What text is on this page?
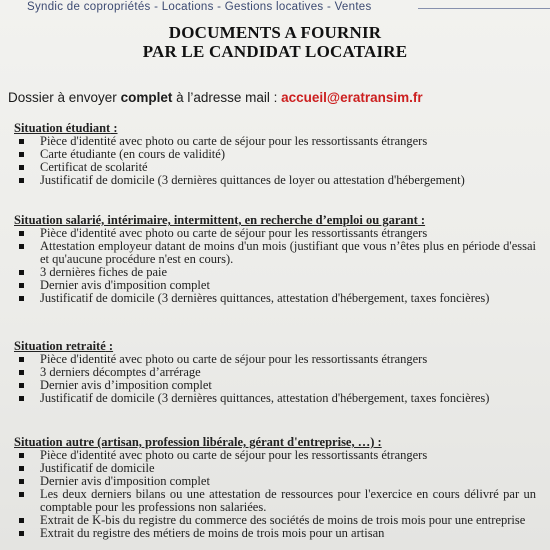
Syndic de copropriétés - Locations - Gestions locatives - Ventes
DOCUMENTS A FOURNIR
PAR LE CANDIDAT LOCATAIRE
Dossier à envoyer complet à l’adresse mail : accueil@eratransim.fr
Situation étudiant :
Pièce d'identité avec photo ou carte de séjour pour les ressortissants étrangers
Carte étudiante (en cours de validité)
Certificat de scolarité
Justificatif de domicile (3 dernières quittances de loyer ou attestation d'hébergement)
Situation salarié, intérimaire, intermittent, en recherche d’emploi ou garant :
Pièce d'identité avec photo ou carte de séjour pour les ressortissants étrangers
Attestation employeur datant de moins d'un mois (justifiant que vous n’êtes plus en période d'essai et qu'aucune procédure n'est en cours).
3 dernières fiches de paie
Dernier avis d'imposition complet
Justificatif de domicile (3 dernières quittances, attestation d'hébergement, taxes foncières)
Situation retraité :
Pièce d'identité avec photo ou carte de séjour pour les ressortissants étrangers
3 derniers décomptes d’arrérage
Dernier avis d’imposition complet
Justificatif de domicile (3 dernières quittances, attestation d'hébergement, taxes foncières)
Situation autre (artisan, profession libérale, gérant d'entreprise, …) :
Pièce d'identité avec photo ou carte de séjour pour les ressortissants étrangers
Justificatif de domicile
Dernier avis d'imposition complet
Les deux derniers bilans ou une attestation de ressources pour l'exercice en cours délivré par un comptable pour les professions non salariées.
Extrait de K-bis du registre du commerce des sociétés de moins de trois mois pour une entreprise
Extrait du registre des métiers de moins de trois mois pour un artisan
